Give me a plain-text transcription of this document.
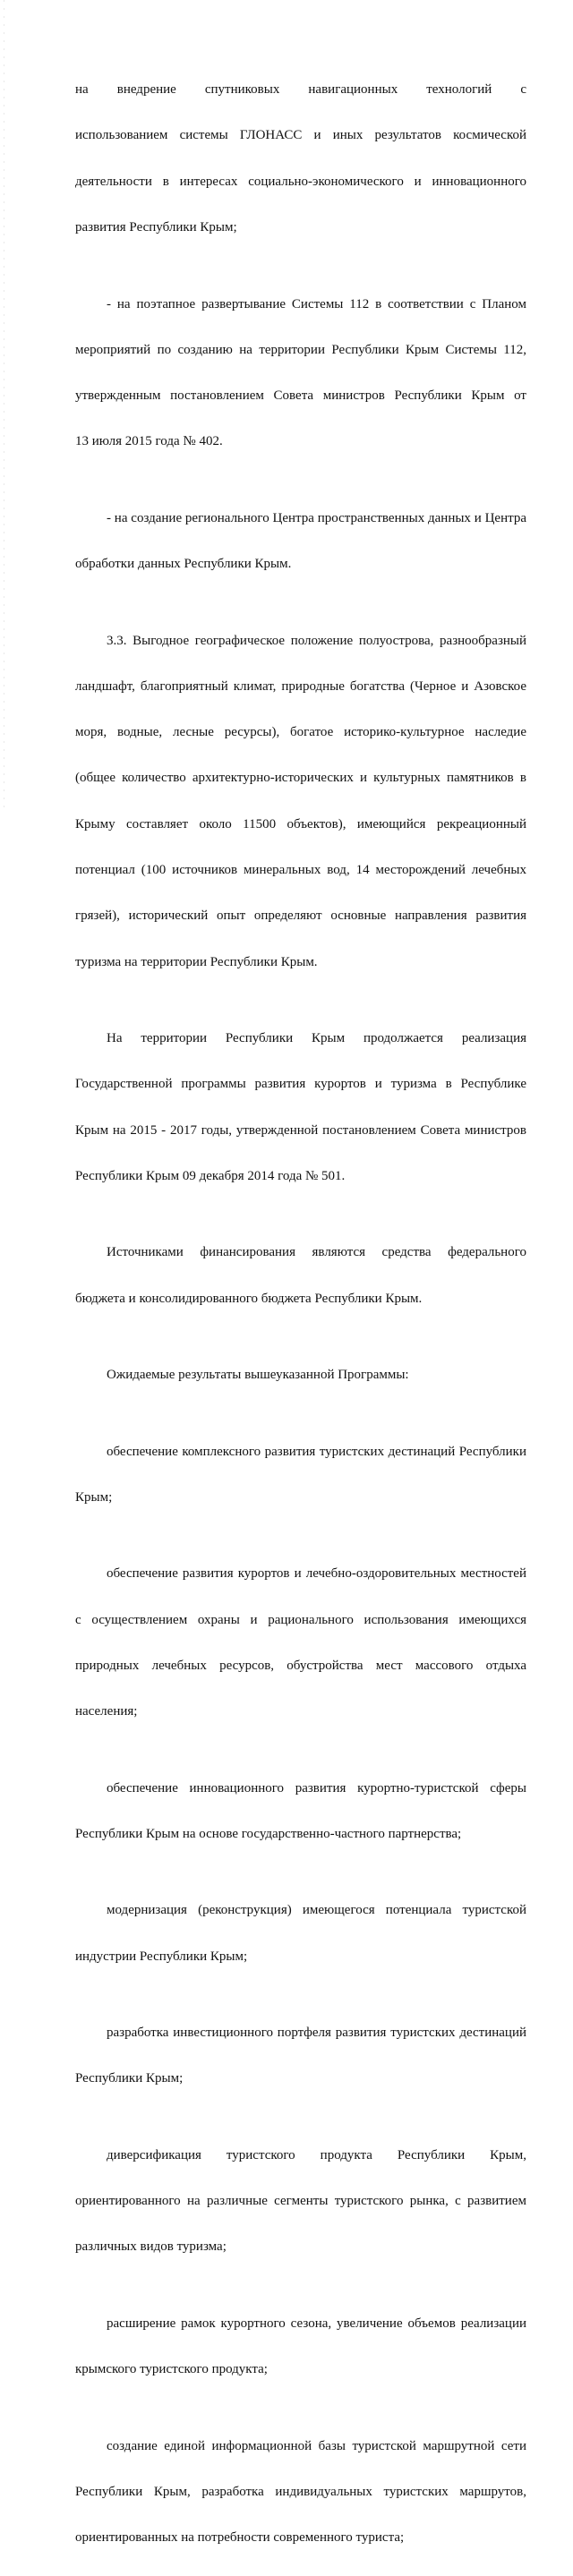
на внедрение спутниковых навигационных технологий с

использованием системы ГЛОНАСС и иных результатов космической

деятельности в интересах социально-экономического и инновационного

развития Республики Крым;

- на поэтапное развертывание Системы 112 в соответствии с Планом

мероприятий по созданию на территории Республики Крым Системы 112,

утвержденным постановлением Совета министров Республики Крым от

13 июля 2015 года № 402.

- на создание регионального Центра пространственных данных и Центра

обработки данных Республики Крым.

3.3. Выгодное географическое положение полуострова, разнообразный

ландшафт, благоприятный климат, природные богатства (Черное и Азовское

моря, водные, лесные ресурсы), богатое историко-культурное наследие

(общее количество архитектурно-исторических и культурных памятников в

Крыму составляет около 11500 объектов), имеющийся рекреационный

потенциал (100 источников минеральных вод, 14 месторождений лечебных

грязей), исторический опыт определяют основные направления развития

туризма на территории Республики Крым.

На территории Республики Крым продолжается реализация

Государственной программы развития курортов и туризма в Республике

Крым на 2015 - 2017 годы, утвержденной постановлением Совета министров

Республики Крым 09 декабря 2014 года № 501.

Источниками финансирования являются средства федерального

бюджета и консолидированного бюджета Республики Крым.

Ожидаемые результаты вышеуказанной Программы:

обеспечение комплексного развития туристских дестинаций Республики

Крым;

обеспечение развития курортов и лечебно-оздоровительных местностей

с осуществлением охраны и рационального использования имеющихся

природных лечебных ресурсов, обустройства мест массового отдыха

населения;

обеспечение инновационного развития курортно-туристской сферы

Республики Крым на основе государственно-частного партнерства;

модернизация (реконструкция) имеющегося потенциала туристской

индустрии Республики Крым;

разработка инвестиционного портфеля развития туристских дестинаций

Республики Крым;

диверсификация туристского продукта Республики Крым,

ориентированного на различные сегменты туристского рынка, с развитием

различных видов туризма;

расширение рамок курортного сезона, увеличение объемов реализации

крымского туристского продукта;

создание единой информационной базы туристской маршрутной сети

Республики Крым, разработка индивидуальных туристских маршрутов,

ориентированных на потребности современного туриста;
